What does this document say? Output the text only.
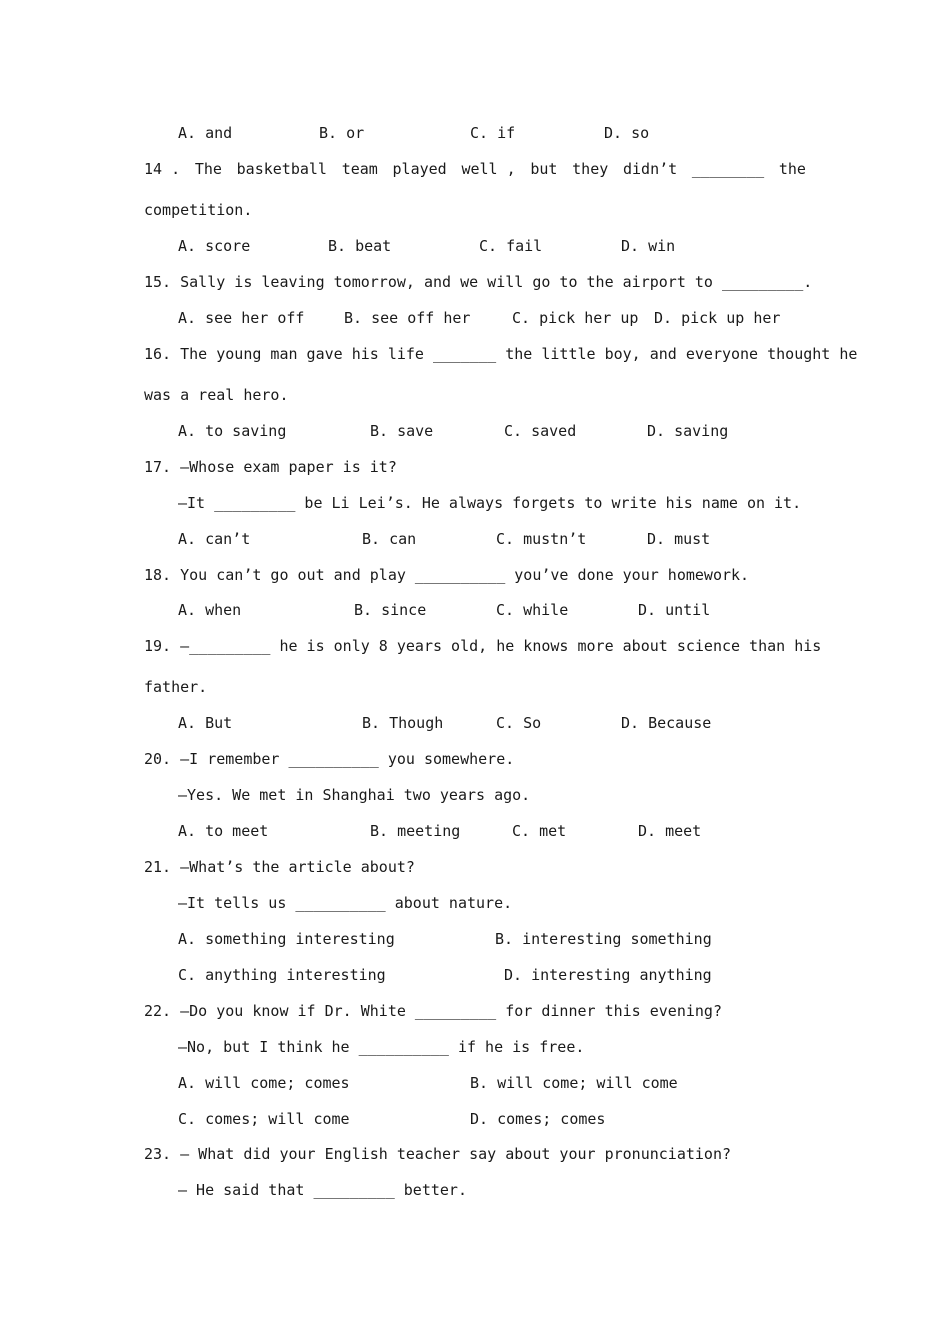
A. and	B. or	C. if	D. so
14 . The basketball team played well , but they didn’t ________ the
competition.
A. score	B. beat	C. fail	D. win
15. Sally is leaving tomorrow, and we will go to the airport to _________.
A. see her off	B. see off her	C. pick her up D. pick up her
16. The young man gave his life _______ the little boy, and everyone thought he
was a real hero.
A. to saving	B. save	C. saved	D. saving
17. —Whose exam paper is it?
—It _________ be Li Lei’s. He always forgets to write his name on it.
A. can’t	B. can	C. mustn’t	D. must
18. You can’t go out and play __________ you’ve done your homework.
A. when	B. since	C. while	D. until
19. —_________ he is only 8 years old, he knows more about science than his
father.
A. But	B. Though	C. So	D. Because
20. —I remember __________ you somewhere.
—Yes. We met in Shanghai two years ago.
A. to meet	B. meeting	C. met	D. meet
21. —What’s the article about?
—It tells us __________ about nature.
A. something interesting	B. interesting something
C. anything interesting	D. interesting anything
22. —Do you know if Dr. White _________ for dinner this evening?
—No, but I think he __________ if he is free.
A. will come; comes	B. will come; will come
C. comes; will come	D. comes; comes
23. — What did your English teacher say about your pronunciation?
— He said that _________ better.
